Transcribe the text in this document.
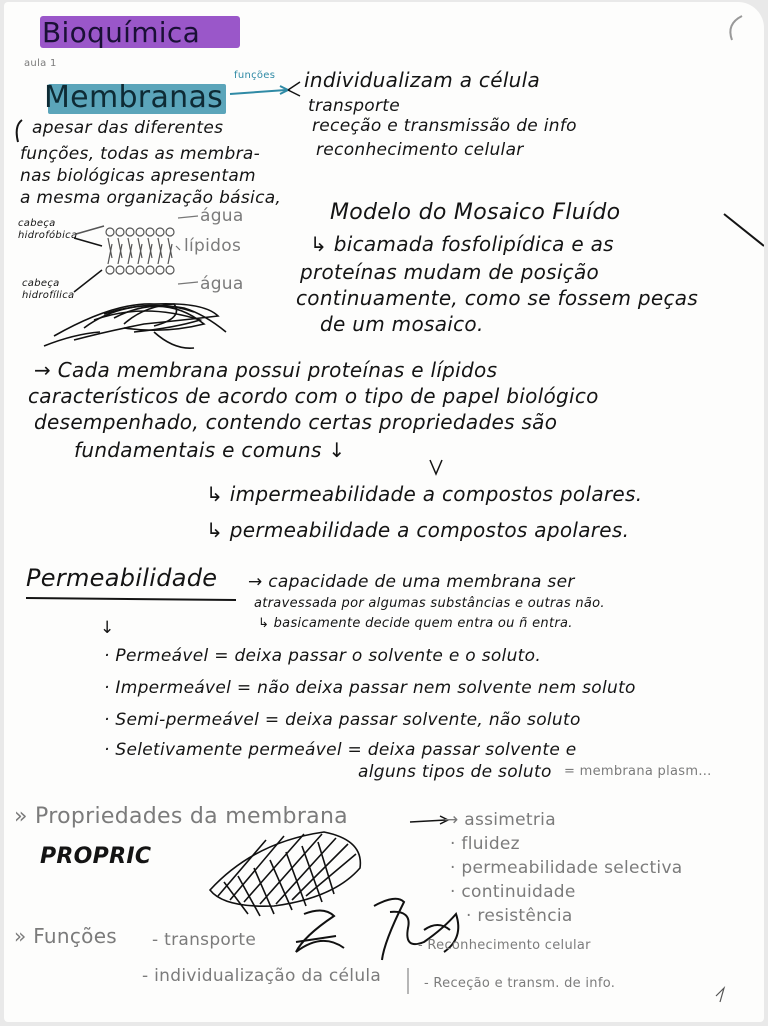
Bioquímica
aula 1
Membranas
funções individualizam a célula
transporte
receção e transmissão de info
reconhecimento celular
apesar das diferentes
funções, todas as membra-
nas biológicas apresentam
a mesma organização básica,
cabeça
hidrofóbica
cabeça
hidrofílica
água
lípidos
água
Modelo do Mosaico Fluído
↳ bicamada fosfolipídica e as
proteínas mudam de posição
continuamente, como se fossem peças
de um mosaico.
→ Cada membrana possui proteínas e lípidos
característicos de acordo com o tipo de papel biológico
desempenhado, contendo certas propriedades são
fundamentais e comuns ↓
↳ impermeabilidade a compostos polares.
↳ permeabilidade a compostos apolares.
Permeabilidade → capacidade de uma membrana ser
atravessada por algumas substâncias e outras não.
↳ basicamente decide quem entra ou ñ entra.
↓
· Permeável = deixa passar o solvente e o soluto.
· Impermeável = não deixa passar nem solvente nem soluto
· Semi-permeável = deixa passar solvente, não soluto
· Seletivamente permeável = deixa passar solvente e
alguns tipos de soluto = membrana plasm...
» Propriedades da membrana
PROPRIC
→ assimetria
· fluidez
· permeabilidade selectiva
· continuidade
· resistência
» Funções - transporte
- individualização da célula
- Reconhecimento celular
- Receção e transm. de info.
